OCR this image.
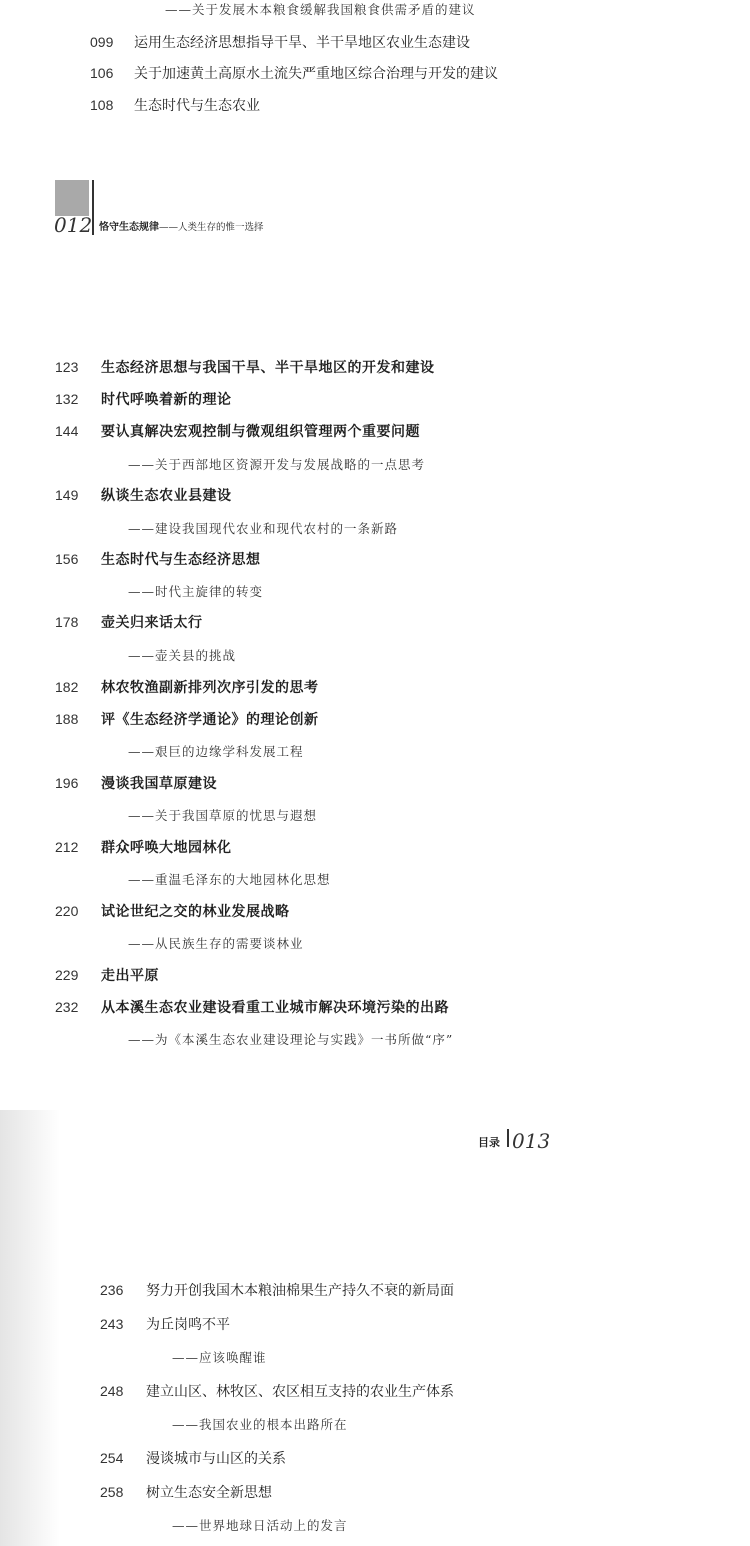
——关于发展木本粮食缓解我国粮食供需矛盾的建议
099	运用生态经济思想指导干旱、半干旱地区农业生态建设
106	关于加速黄土高原水土流失严重地区综合治理与开发的建议
108	生态时代与生态农业
012 恪守生态规律——人类生存的惟一选择
123	生态经济思想与我国干旱、半干旱地区的开发和建设
132	时代呼唤着新的理论
144	要认真解决宏观控制与微观组织管理两个重要问题
——关于西部地区资源开发与发展战略的一点思考
149	纵谈生态农业县建设
——建设我国现代农业和现代农村的一条新路
156	生态时代与生态经济思想
——时代主旋律的转变
178	壶关归来话太行
——壶关县的挑战
182	林农牧渔副新排列次序引发的思考
188	评《生态经济学通论》的理论创新
——艰巨的边缘学科发展工程
196	漫谈我国草原建设
——关于我国草原的忧思与遐想
212	群众呼唤大地园林化
——重温毛泽东的大地园林化思想
220	试论世纪之交的林业发展战略
——从民族生存的需要谈林业
229	走出平原
232	从本溪生态农业建设看重工业城市解决环境污染的出路
——为《本溪生态农业建设理论与实践》一书所做“序”
目录 013
236	努力开创我国木本粮油棉果生产持久不衰的新局面
243	为丘岗鸣不平
——应该唤醒谁
248	建立山区、林牧区、农区相互支持的农业生产体系
——我国农业的根本出路所在
254	漫谈城市与山区的关系
258	树立生态安全新思想
——世界地球日活动上的发言
